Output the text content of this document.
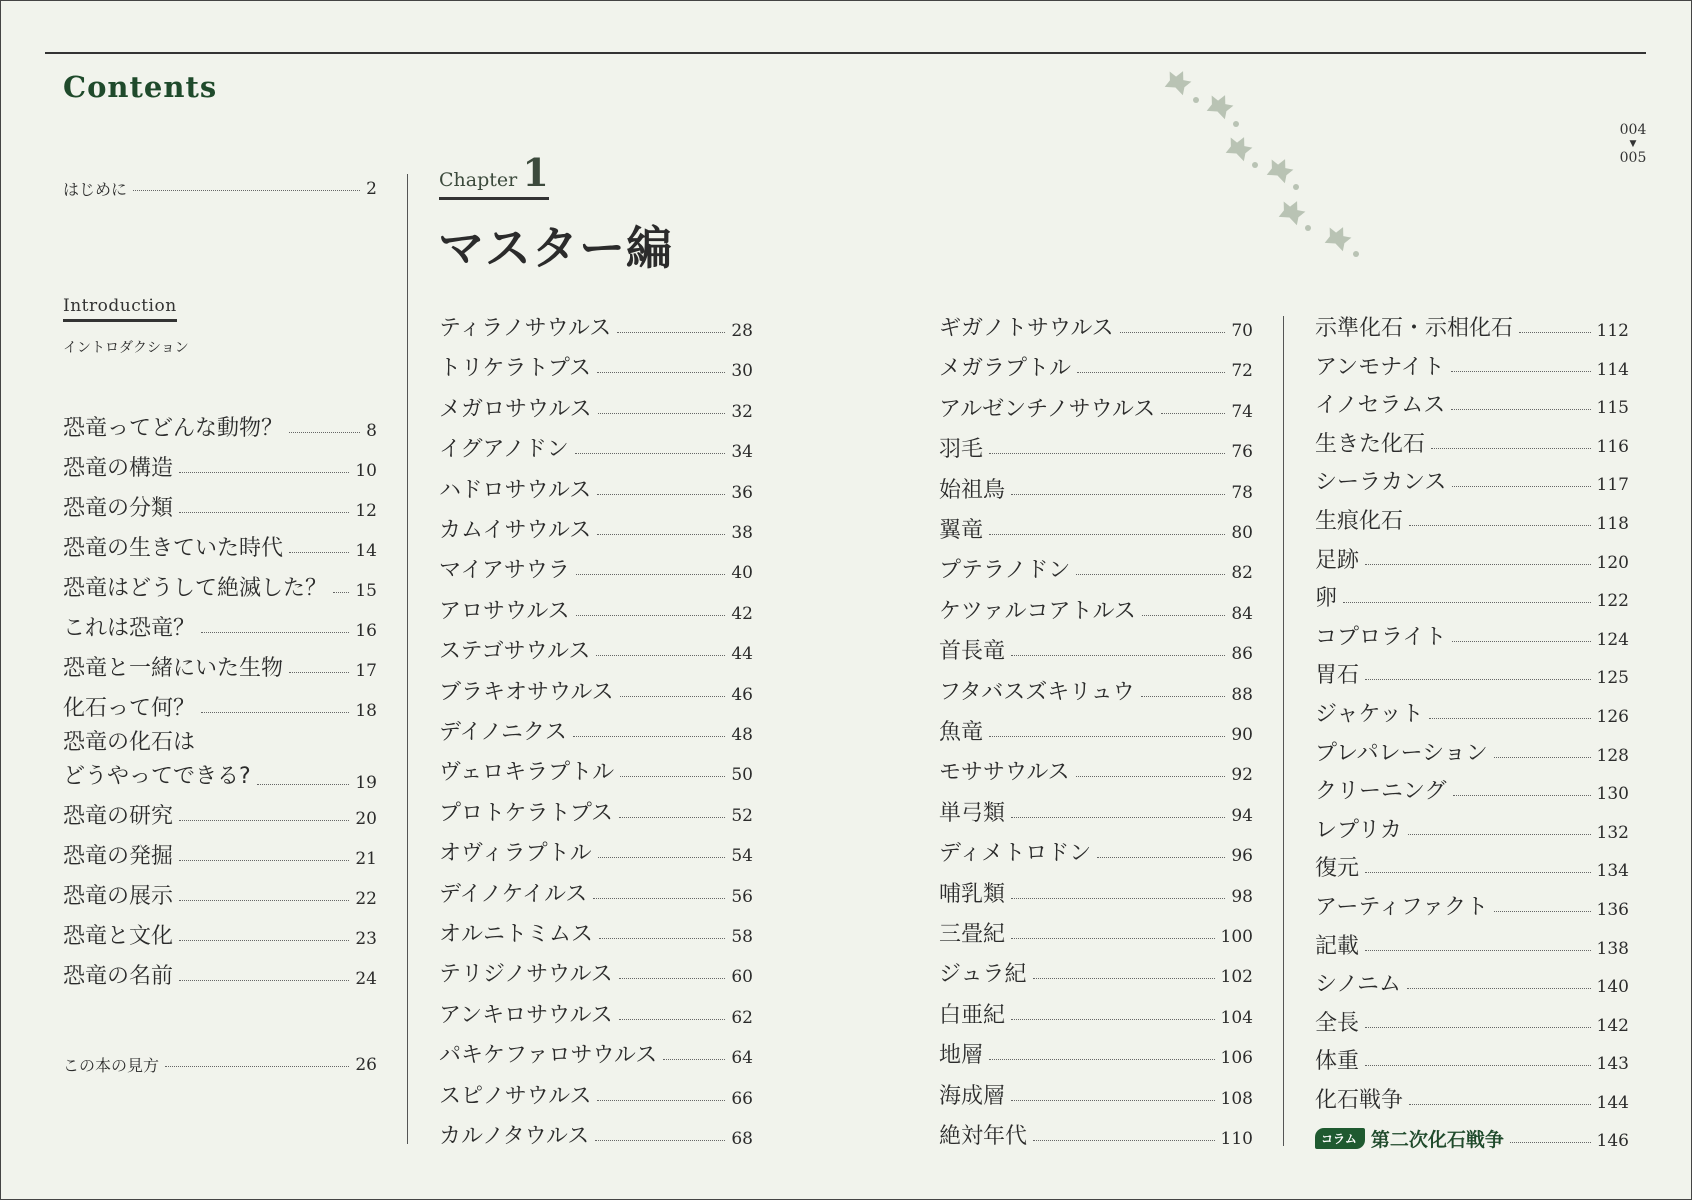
Contents
004
▼
005
はじめに	2
Introduction
イントロダクション
恐竜ってどんな動物？	8
恐竜の構造	10
恐竜の分類	12
恐竜の生きていた時代	14
恐竜はどうして絶滅した？ 15
これは恐竜？	16
恐竜と一緒にいた生物	17
化石って何？	18
恐竜の化石は
どうやってできる?	19
恐竜の研究	20
恐竜の発掘	21
恐竜の展示	22
恐竜と文化	23
恐竜の名前	24
この本の見方	26
Chapter 1
マスター編
ティラノサウルス	28
トリケラトプス	30
メガロサウルス	32
イグアノドン	34
ハドロサウルス	36
カムイサウルス	38
マイアサウラ	40
アロサウルス	42
ステゴサウルス	44
ブラキオサウルス	46
デイノニクス	48
ヴェロキラプトル	50
プロトケラトプス	52
オヴィラプトル	54
デイノケイルス	56
オルニトミムス	58
テリジノサウルス	60
アンキロサウルス	62
パキケファロサウルス	64
スピノサウルス	66
カルノタウルス	68
ギガノトサウルス	70
メガラプトル	72
アルゼンチノサウルス	74
羽毛	76
始祖鳥	78
翼竜	80
プテラノドン	82
ケツァルコアトルス	84
首長竜	86
フタバスズキリュウ	88
魚竜	90
モササウルス	92
単弓類	94
ディメトロドン	96
哺乳類	98
三畳紀	100
ジュラ紀	102
白亜紀	104
地層	106
海成層	108
絶対年代	110
示準化石・示相化石	112
アンモナイト	114
イノセラムス	115
生きた化石	116
シーラカンス	117
生痕化石	118
足跡	120
卵	122
コプロライト	124
胃石	125
ジャケット	126
プレパレーション	128
クリーニング	130
レプリカ	132
復元	134
アーティファクト	136
記載	138
シノニム	140
全長	142
体重	143
化石戦争	144
コラム 第二次化石戦争	146
